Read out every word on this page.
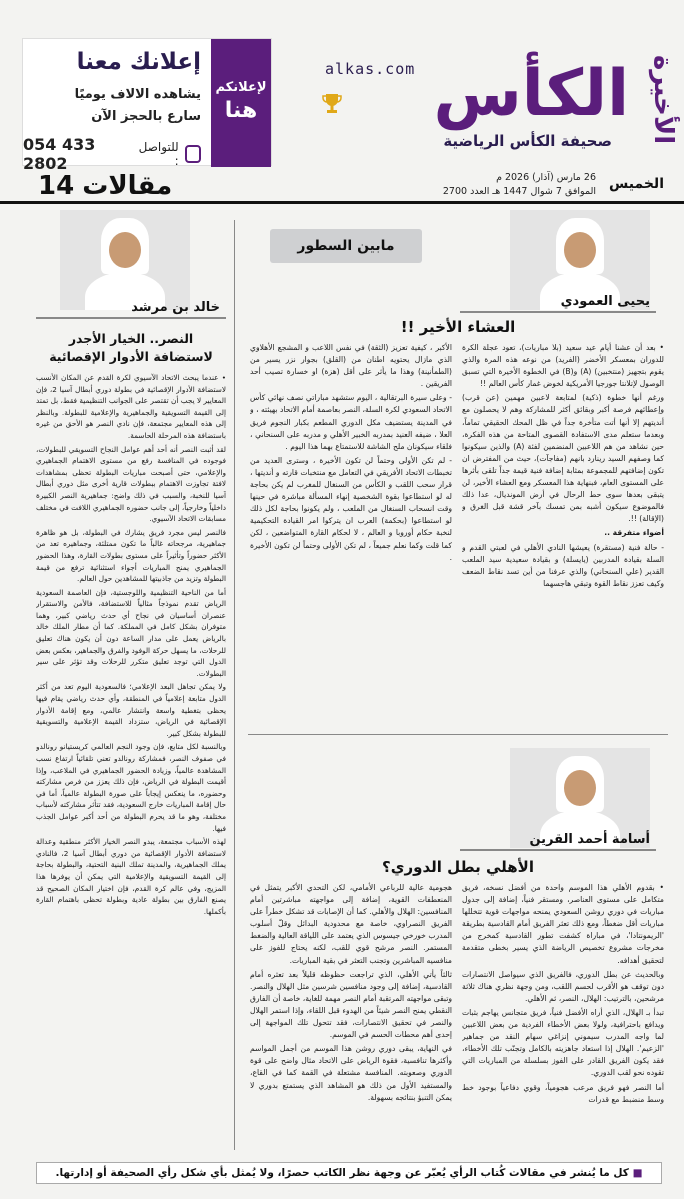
لإعلانكم
هنا
إعلانك معنا
يشاهده الالاف يوميًا
سارع بالحجز الآن
للتواصل :
054 433 2802
alkas.com الكأس الأخيرة
صحيفة الكأس الرياضية
الخميس
26 مارس (آذار) 2026 م
الموافق 7 شوال 1447 هـ العدد 2700
مقالات
14
مابين السطور
يحيى العمودي
العشاء الأخير !!

• بعد أن عشنا أيام عيد سعيد (بلا مباريات)، تعود عجلة الكرة للدوران بمعسكر الأخضر (الفريد) من نوعه هذه المرة والذي يقوم بتجهيز (منتخبين) (A) و(B) في الخطوة الأخيرة التي تسبق الوصول لإتلانتا جورجيا الأمريكية لخوض غمار كأس العالم !!

ورغم أنها خطوة (ذكية) لمتابعة لاعبين مهمين (عن قرب) وإعطائهم فرصة أكبر وبقائق أكثر للمشاركة وهم لا يحصلون مع أنديتهم إلا أنها أتت متأخرة جداً في ظل المحك الحقيقي تماماً، وبعدما ستعلم مدى الاستفادة القصوى المتاحة من هذه الفكرة، حين نشاهد من هم اللاعبين المنضمين لفئة (A) والذين سيكونوا كما وصفهم السيد رينارد بانهم (مفاجآت)، حيث من المفترض ان تكون إضافتهم للمجموعة بمثابة إضافة فنية قيمة جداً تلقى بأثرها على المستوى العام، فبنهاية هذا المعسكر ومع العشاء الأخير، لن يتبقى بعدها سوى حط الرحال في أرض المونديال، عدا ذلك فالموضوع سيكون أشبه بمن تمسك بآخر قشة قبل الغرق و (الإقالة) !!.

أضواء متفرقة ..

- حالة فنية (مستقرة) يعيشها النادي الأهلي في لعبتي القدم و السلة بقيادة المدربين (يايسلة) و بقيادة سعيدية سيد الملعب القدير (علي السنحاني) والذي عرفنا من أين تسد نقاط الضعف وكيف تعزز نقاط القوة وتبقي هاجسهما

الأكبر ، كيفية تعزيز (الثقة) في نفس اللاعب و المشجع الأهلاوي الذي مازال يحتويه اطنان من (القلق) بجوار نزر يسير من (الطمأنينة) وهذا ما يأثر على أقل (هزة) او خسارة تصيب أحد الفريقين .

- وعلى سيرة البرتقالية ، اليوم ستشهد مباراتي نصف نهائي كأس الاتحاد السعودي لكرة السلة، النصر بعاصمة أمام الاتحاد بهيئته ، و في المدينة يستضيف مكل الدوري المطعم بكبار النجوم فريق العلا ، ضيفه العنيد بمدربه الخبير الأهلي و مدربه على السنحاني ، فلقاء سيكونان ملح الشاشة للاستمتاع بهما هذا اليوم .

- لم تكن الأولى وحتماً لن تكون الأخيرة ، وسترى العديد من تخبطات الاتحاد الأفريقي في التعامل مع منتخبات قارته و أنديتها ، قرار سحب اللقب و الكأس من السنغال للمغرب لم يكن بحاجة له لو استطاعوا بقوة الشخصية إنهاء المسألة مباشرة في حينها وقت انسحاب السنغال من الملعب ، ولم يكونوا بحاجة لكل ذلك لو استطاعوا (بحكمة) العرب ان يتركوا امر القيادة التحكيمية لنخبة حكام أوروبا و العالم ، لا لحكام القارة المتواضعين ، لكن كما قلت وكما نعلم جميعاً ، لم تكن الأولى وحتماً لن تكون الأخيرة .

أسامة أحمد القرين
الأهلي بطل الدوري؟

• بقدوم الأهلي هذا الموسم واحدة من أفضل نسخه، فريق متكامل على مستوى العناصر، ومستقر فنياً، إضافة إلى جدول مباريات في دوري روشن السعودي يمنحه مواجهات قوية تتخللها مباريات أقل ضغطاً، ومع ذلك تعثر الفريق أمام القادسية بطريقة 'الريمونتادا'، في مباراة كشفت تطور القادسية كمخرج من مخرجات مشروع تخصيص الرياضة الذي يسير بخطى متقدمة لتحقيق أهدافه.

وبالحديث عن بطل الدوري، فالفريق الذي سيواصل الانتصارات دون توقف هو الأقرب لحسم اللقب، ومن وجهة نظري هناك ثلاثة مرشحين، بالترتيب: الهلال، النصر، ثم الأهلي.

تبدأ بـ الهلال، الذي أراه الأفضل فنياً، فريق متجانس يهاجم بثبات ويدافع باحترافية، ولولا بعض الأخطاء الفردية من بعض اللاعبين لما واجه المدرب سيموني إنزاغي سهام النقد من جماهير 'الزعيم'. الهلال إذا استعاد جاهزيته بالكامل وتجنّب تلك الأخطاء، فقد يكون الفريق القادر على الفوز بسلسلة من المباريات التي تقوده نحو لقب الدوري.

أما النصر فهو فريق مرعب هجومياً، وقوي دفاعياً بوجود خط وسط منضبط مع قدرات

هجومية عالية للرباعي الأمامي، لكن التحدي الأكبر يتمثل في المنعطفات القوية، إضافة إلى مواجهته مباشرتين أمام المنافسين: الهلال والأهلي. كما أن الإصابات قد تشكل خطراً على الفريق النصراوي، خاصة مع محدودية البدائل وقلّ أسلوب المدرب خورخي جيسوس الذي يعتمد على اللياقة العالية والضغط المستمر. النصر مرشح قوي للقب، لكنه يحتاج للفوز على منافسيه المباشرين وتجنب التعثر في بقية المباريات.

ثالثاً يأتي الأهلي، الذي تراجعت حظوظه قليلاً بعد تعثره أمام القادسية، إضافة إلى وجود منافسين شرسين مثل الهلال والنصر. وتبقى مواجهته المرتقبة أمام النصر مهمة للغاية، خاصة أن الفارق النقطي يمنح النصر شيئاً من الهدوء قبل اللقاء، وإذا استمر الهلال والنصر في تحقيق الانتصارات، فقد تتحول تلك المواجهة إلى إحدى أهم محطات الحسم في الموسم.

في النهاية، يبقى دوري روشن هذا الموسم من أجمل المواسم وأكثرها تنافسية، فقوة الرياض على الاتحاد مثال واضح على قوة الدوري وصعوبته. المنافسة مشتعلة في القمة كما في القاع، والمستفيد الأول من ذلك هو المشاهد الذي يستمتع بدوري لا يمكن التنبؤ بنتائجه بسهولة.

خالد بن مرشد
النصر.. الخيار الأجدر
لاستضافة الأدوار الإقصائية

• عندما يبحث الاتحاد الآسيوي لكرة القدم عن المكان الأنسب لاستضافة الأدوار الإقصائية في بطولة دوري أبطال آسيا 2، فإن المعايير لا يجب أن تقتصر على الجوانب التنظيمية فقط، بل تمتد إلى القيمة التسويقية والجماهيرية والإعلامية للبطولة. وبالنظر إلى هذه المعايير مجتمعة، فإن نادي النصر هو الأحق من غيره باستضافة هذه المرحلة الحاسمة.

لقد أثبت النصر أنه أحد أهم عوامل النجاح التسويقي للبطولات، فوجوده في المنافسة رفع من مستوى الاهتمام الجماهيري والإعلامي، حتى أصبحت مباريات البطولة تحظى بمشاهدات لافتة تجاوزت الاهتمام ببطولات قارية أخرى مثل دوري أبطال آسيا للنخبة، والسبب في ذلك واضح: جماهيرية النصر الكبيرة داخلياً وخارجياً، إلى جانب حضوره الجماهيري اللافت في مختلف مسابقات الاتحاد الآسيوي.

فالنصر ليس مجرد فريق يشارك في البطولة، بل هو ظاهرة جماهيرية، مرجحاته غالباً ما تكون ممتلئة، وجماهيره تعد من الأكثر حضوراً وتأثيراً على مستوى بطولات القارة، وهذا الحضور الجماهيري يمنح المباريات أجواء استثنائية ترفع من قيمة البطولة وتزيد من جاذبيتها للمشاهدين حول العالم.

أما من الناحية التنظيمية واللوجستية، فإن العاصمة السعودية الرياض تقدم نموذجاً مثالياً للاستضافة، فالأمن والاستقرار عنصران أساسيان في نجاح أي حدث رياضي كبير، وهما متوفران بشكل كامل في المملكة. كما أن مطار الملك خالد بالرياض يعمل على مدار الساعة دون أن يكون هناك تعليق للرحلات، ما يسهل حركة الوفود والفرق والجماهير، بعكس بعض الدول التي توجد تعليق متكرر للرحلات وقد تؤثر على سير البطولات.

ولا يمكن تجاهل البعد الإعلامي؛ فالسعودية اليوم تعد من أكثر الدول متابعة إعلامياً في المنطقة، وأي حدث رياضي يقام فيها يحظى بتغطية واسعة وانتشار عالمي، ومع إقامة الأدوار الإقصائية في الرياض، ستزداد القيمة الإعلامية والتسويقية للبطولة بشكل كبير.

وبالنسبة لكل متابع، فإن وجود النجم العالمي كريستيانو رونالدو في صفوف النصر، فمشاركة رونالدو تعني تلقائياً ارتفاع نسب المشاهدة عالمياً، وزيادة الحضور الجماهيري في الملاعب، وإذا أقيمت البطولة في الرياض، فإن ذلك يعزز من فرص مشاركته وحضوره، ما ينعكس إيجاباً على صورة البطولة عالمياً، أما في حال إقامة المباريات خارج السعودية، فقد تتأثر مشاركته لأسباب مختلفة، وهو ما قد يحرم البطولة من أحد أكبر عوامل الجذب فيها.

لهذه الأسباب مجتمعة، يبدو النصر الخيار الأكثر منطقية وعدالة لاستضافة الأدوار الإقصائية من دوري أبطال آسيا 2، فالنادي يملك الجماهيرية، والمدينة تملك البنية التحتية، والبطولة بحاجة إلى القيمة التسويقية والإعلامية التي يمكن أن يوفرها هذا المزيج، وفي عالم كرة القدم، فإن اختيار المكان الصحيح قد يصنع الفارق بين بطولة عادية وبطولة تحظى باهتمام القارة بأكملها.

■ كل ما يُنشر في مقالات كُتاب الرأي يُعبّر عن وجهة نظر الكاتب حصرًا، ولا يُمثل بأي شكل رأي الصحيفة أو إدارتها.
